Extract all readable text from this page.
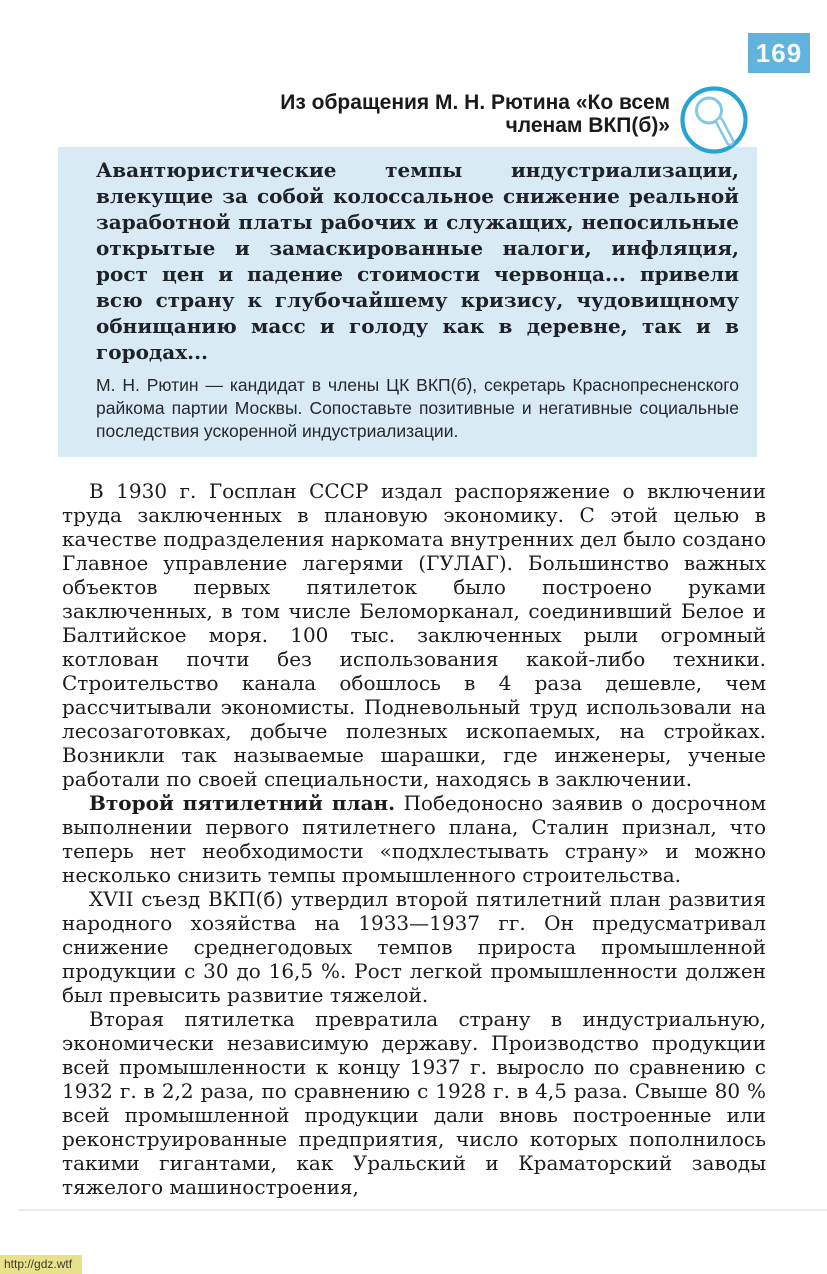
169
Из обращения М. Н. Рютина «Ко всем членам ВКП(б)»

Авантюристические темпы индустриализации, влекущие за собой колоссальное снижение реальной заработной платы рабочих и служащих, непосильные открытые и замаскированные налоги, инфляция, рост цен и падение стоимости червонца... привели всю страну к глубочайшему кризису, чудовищному обнищанию масс и голоду как в деревне, так и в городах...

М. Н. Рютин — кандидат в члены ЦК ВКП(б), секретарь Краснопресненского райкома партии Москвы. Сопоставьте позитивные и негативные социальные последствия ускоренной индустриализации.

В 1930 г. Госплан СССР издал распоряжение о включении труда заключенных в плановую экономику. С этой целью в качестве подразделения наркомата внутренних дел было создано Главное управление лагерями (ГУЛАГ). Большинство важных объектов первых пятилеток было построено руками заключенных, в том числе Беломорканал, соединивший Белое и Балтийское моря. 100 тыс. заключенных рыли огромный котлован почти без использования какой-либо техники. Строительство канала обошлось в 4 раза дешевле, чем рассчитывали экономисты. Подневольный труд использовали на лесозаготовках, добыче полезных ископаемых, на стройках. Возникли так называемые шарашки, где инженеры, ученые работали по своей специальности, находясь в заключении.

Второй пятилетний план. Победоносно заявив о досрочном выполнении первого пятилетнего плана, Сталин признал, что теперь нет необходимости «подхлестывать страну» и можно несколько снизить темпы промышленного строительства.

XVII съезд ВКП(б) утвердил второй пятилетний план развития народного хозяйства на 1933—1937 гг. Он предусматривал снижение среднегодовых темпов прироста промышленной продукции с 30 до 16,5 %. Рост легкой промышленности должен был превысить развитие тяжелой.

Вторая пятилетка превратила страну в индустриальную, экономически независимую державу. Производство продукции всей промышленности к концу 1937 г. выросло по сравнению с 1932 г. в 2,2 раза, по сравнению с 1928 г. в 4,5 раза. Свыше 80 % всей промышленной продукции дали вновь построенные или реконструированные предприятия, число которых пополнилось такими гигантами, как Уральский и Краматорский заводы тяжелого машиностроения,

http://gdz.wtf
